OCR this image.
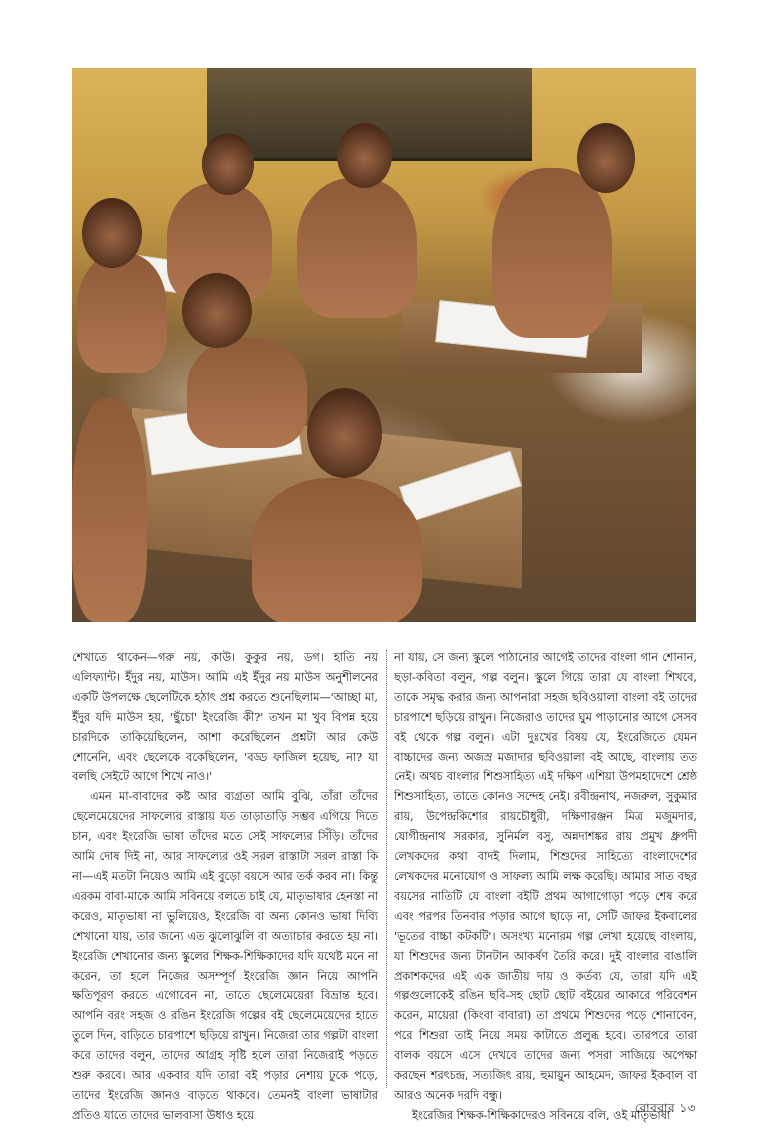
শেখাতে থাকেন—গরু নয়, কাউ। কুকুর নয়, ডগ। হাতি নয় এলিফ্যান্ট। ইঁদুর নয়, মাউস। আমি এই ইঁদুর নয় মাউস অনুশীলনের একটি উপলক্ষে ছেলেটিকে হঠাৎ প্রশ্ন করতে শুনেছিলাম—'আচ্ছা মা, ইঁদুর যদি মাউস হয়, 'ছুঁচো' ইংরেজি কী?' তখন মা খুব বিপন্ন হয়ে চারদিকে তাকিয়েছিলেন, আশা করেছিলেন প্রশ্নটা আর কেউ শোনেনি, এবং ছেলেকে বকেছিলেন, 'বড্ড ফাজিল হয়েছ, না? যা বলছি সেইটে আগে শিখে নাও।'

এমন মা-বাবাদের কষ্ট আর ব্যগ্রতা আমি বুঝি, তাঁরা তাঁদের ছেলেমেয়েদের সাফল্যের রাস্তায় যত তাড়াতাড়ি সম্ভব এগিয়ে দিতে চান, এবং ইংরেজি ভাষা তাঁদের মতে সেই সাফল্যের সিঁড়ি। তাঁদের আমি দোষ দিই না, আর সাফল্যের ওই সরল রাস্তাটা সরল রাস্তা কি না—এই মতটা নিয়েও আমি এই বুড়ো বয়সে আর তর্ক করব না। কিন্তু এরকম বাবা-মাকে আমি সবিনয়ে বলতে চাই যে, মাতৃভাষার হেনস্তা না করেও, মাতৃভাষা না ভুলিয়েও, ইংরেজি বা অন্য কোনও ভাষা দিব্যি শেখানো যায়, তার জন্যে এত ঝুলোঝুলি বা অত্যাচার করতে হয় না। ইংরেজি শেখানোর জন্য স্কুলের শিক্ষক-শিক্ষিকাদের যদি যথেষ্ট মনে না করেন, তা হলে নিজের অসম্পূর্ণ ইংরেজি জ্ঞান নিয়ে আপনি ক্ষতিপূরণ করতে এগোবেন না, তাতে ছেলেমেয়েরা বিভ্রান্ত হবে। আপনি বরং সহজ ও রঙিন ইংরেজি গল্পের বই ছেলেমেয়েদের হাতে তুলে দিন, বাড়িতে চারপাশে ছড়িয়ে রাখুন। নিজেরা তার গল্পটা বাংলা করে তাদের বলুন, তাদের আগ্রহ সৃষ্টি হলে তারা নিজেরাই পড়তে শুরু করবে। আর একবার যদি তারা বই পড়ার নেশায় ঢুকে পড়ে, তাদের ইংরেজি জ্ঞানও বাড়তে থাকবে। তেমনই বাংলা ভাষাটার প্রতিও যাতে তাদের ভালবাসা উধাও হয়ে

না যায়, সে জন্য স্কুলে পাঠানোর আগেই তাদের বাংলা গান শোনান, ছড়া-কবিতা বলুন, গল্প বলুন। স্কুলে গিয়ে তারা যে বাংলা শিখবে, তাকে সমৃদ্ধ করার জন্য আপনারা সহজ ছবিওয়ালা বাংলা বই তাদের চারপাশে ছড়িয়ে রাখুন। নিজেরাও তাদের ঘুম পাড়ানোর আগে সেসব বই থেকে গল্প বলুন। এটা দুঃখের বিষয় যে, ইংরেজিতে যেমন বাচ্চাদের জন্য অজস্র মজাদার ছবিওয়ালা বই আছে, বাংলায় তত নেই। অথচ বাংলার শিশুসাহিত্য এই দক্ষিণ এশিয়া উপমহাদেশে শ্রেষ্ঠ শিশুসাহিত্য, তাতে কোনও সন্দেহ নেই। রবীন্দ্রনাথ, নজরুল, সুকুমার রায়, উপেন্দ্রকিশোর রায়চৌধুরী, দক্ষিণারঞ্জন মিত্র মজুমদার, যোগীন্দ্রনাথ সরকার, সুনির্মল বসু, অন্নদাশঙ্কর রায় প্রমুখ ধ্রুপদী লেখকদের কথা বাদই দিলাম, শিশুদের সাহিত্যে বাংলাদেশের লেখকদের মনোযোগ ও সাফল্য আমি লক্ষ করেছি। আমার সাত বছর বয়সের নাতিটি যে বাংলা বইটি প্রথম আগাগোড়া পড়ে শেষ করে এবং পরপর তিনবার পড়ার আগে ছাড়ে না, সেটি জাফর ইকবালের 'ভূতের বাচ্চা কটকটি'। অসংখ্য মনোরম গল্প লেখা হয়েছে বাংলায়, যা শিশুদের জন্য টানটান আকর্ষণ তৈরি করে। দুই বাংলার বাঙালি প্রকাশকদের এই এক জাতীয় দায় ও কর্তব্য যে, তারা যদি এই গল্পগুলোকেই রঙিন ছবি-সহ ছোট ছোট বইয়ের আকারে পরিবেশন করেন, মায়েরা (কিংবা বাবারা) তা প্রথমে শিশুদের পড়ে শোনাবেন, পরে শিশুরা তাই নিয়ে সময় কাটাতে প্রলুব্ধ হবে। তারপরে তারা বালক বয়সে এসে দেখবে তাদের জন্য পসরা সাজিয়ে অপেক্ষা করছেন শরৎচন্দ্র, সত্যজিৎ রায়, হুমায়ুন আহমেদ, জাফর ইকবাল বা আরও অনেক দরদি বন্ধু।

ইংরেজির শিক্ষক-শিক্ষিকাদেরও সবিনয়ে বলি, ওই মাতৃভাষা

রোববার ১৩
